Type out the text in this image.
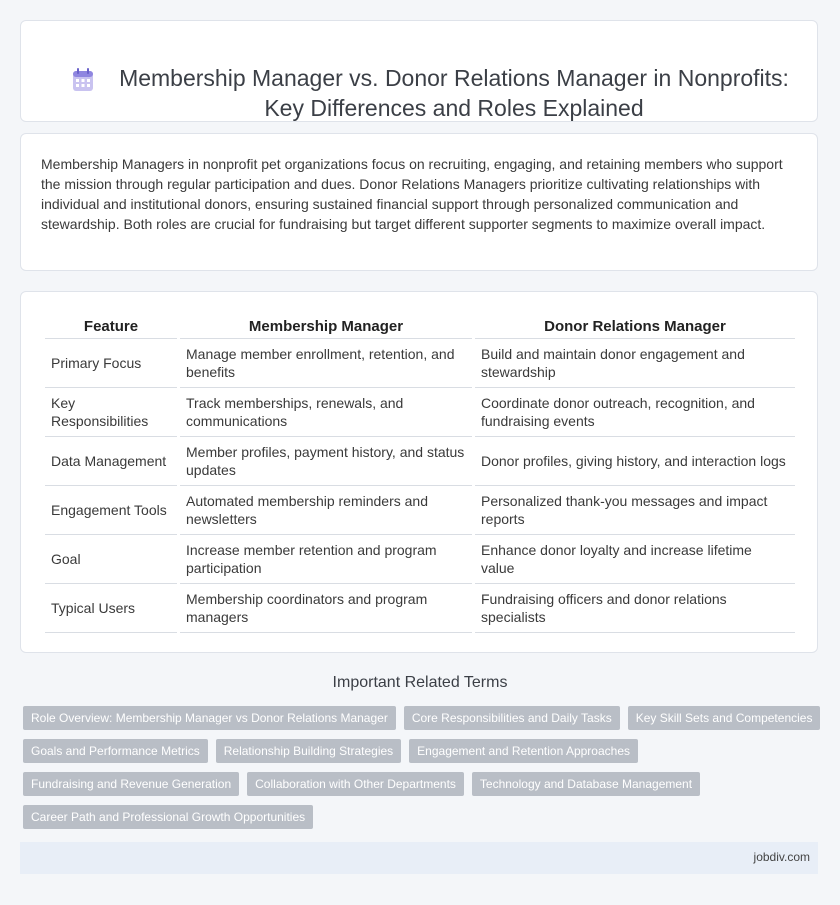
Membership Manager vs. Donor Relations Manager in Nonprofits: Key Differences and Roles Explained

Membership Managers in nonprofit pet organizations focus on recruiting, engaging, and retaining members who support the mission through regular participation and dues. Donor Relations Managers prioritize cultivating relationships with individual and institutional donors, ensuring sustained financial support through personalized communication and stewardship. Both roles are crucial for fundraising but target different supporter segments to maximize overall impact.

Feature	Membership Manager	Donor Relations Manager
Primary Focus	Manage member enrollment, retention, and benefits	Build and maintain donor engagement and stewardship
Key Responsibilities	Track memberships, renewals, and communications	Coordinate donor outreach, recognition, and fundraising events
Data Management	Member profiles, payment history, and status updates	Donor profiles, giving history, and interaction logs
Engagement Tools	Automated membership reminders and newsletters	Personalized thank-you messages and impact reports
Goal	Increase member retention and program participation	Enhance donor loyalty and increase lifetime value
Typical Users	Membership coordinators and program managers	Fundraising officers and donor relations specialists
Important Related Terms
Role Overview: Membership Manager vs Donor Relations Manager	Core Responsibilities and Daily Tasks	Key Skill Sets and Competencies
Goals and Performance Metrics	Relationship Building Strategies	Engagement and Retention Approaches
Fundraising and Revenue Generation	Collaboration with Other Departments	Technology and Database Management
Career Path and Professional Growth Opportunities
jobdiv.com
